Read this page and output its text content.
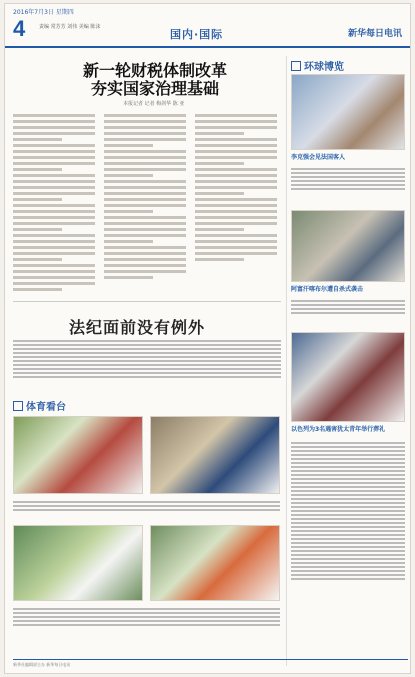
2016年7月3日 星期四
4	责编 常芳芳 刘伟 美编 陈沫
国内·国际	新华每日电讯
新一轮财税体制改革
夯实国家治理基础
本报记者 记者 梅剑华 陈 亚
法纪面前没有例外
环球博览
李克强会见法国客人
阿富汗喀布尔遭自杀式袭击
以色列为3名遇害犹太青年举行葬礼
体育看台
新华社编辑部主办 新华每日电讯
